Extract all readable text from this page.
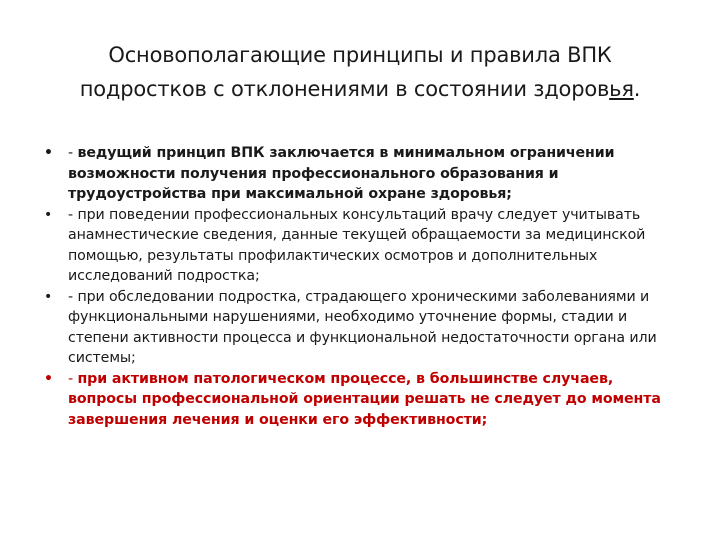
Основополагающие принципы и правила ВПК
подростков с отклонениями в состоянии здоровья.
• - ведущий принцип ВПК заключается в минимальном ограничении возможности получения профессионального образования и трудоустройства при максимальной охране здоровья;
• - при поведении профессиональных консультаций врачу следует учитывать анамнестические сведения, данные текущей обращаемости за медицинской помощью, результаты профилактических осмотров и дополнительных исследований подростка;
• - при обследовании подростка, страдающего хроническими заболеваниями и функциональными нарушениями, необходимо уточнение формы, стадии и степени активности процесса и функциональной недостаточности органа или системы;
• - при активном патологическом процессе, в большинстве случаев, вопросы профессиональной ориентации решать не следует до момента завершения лечения и оценки его эффективности;
